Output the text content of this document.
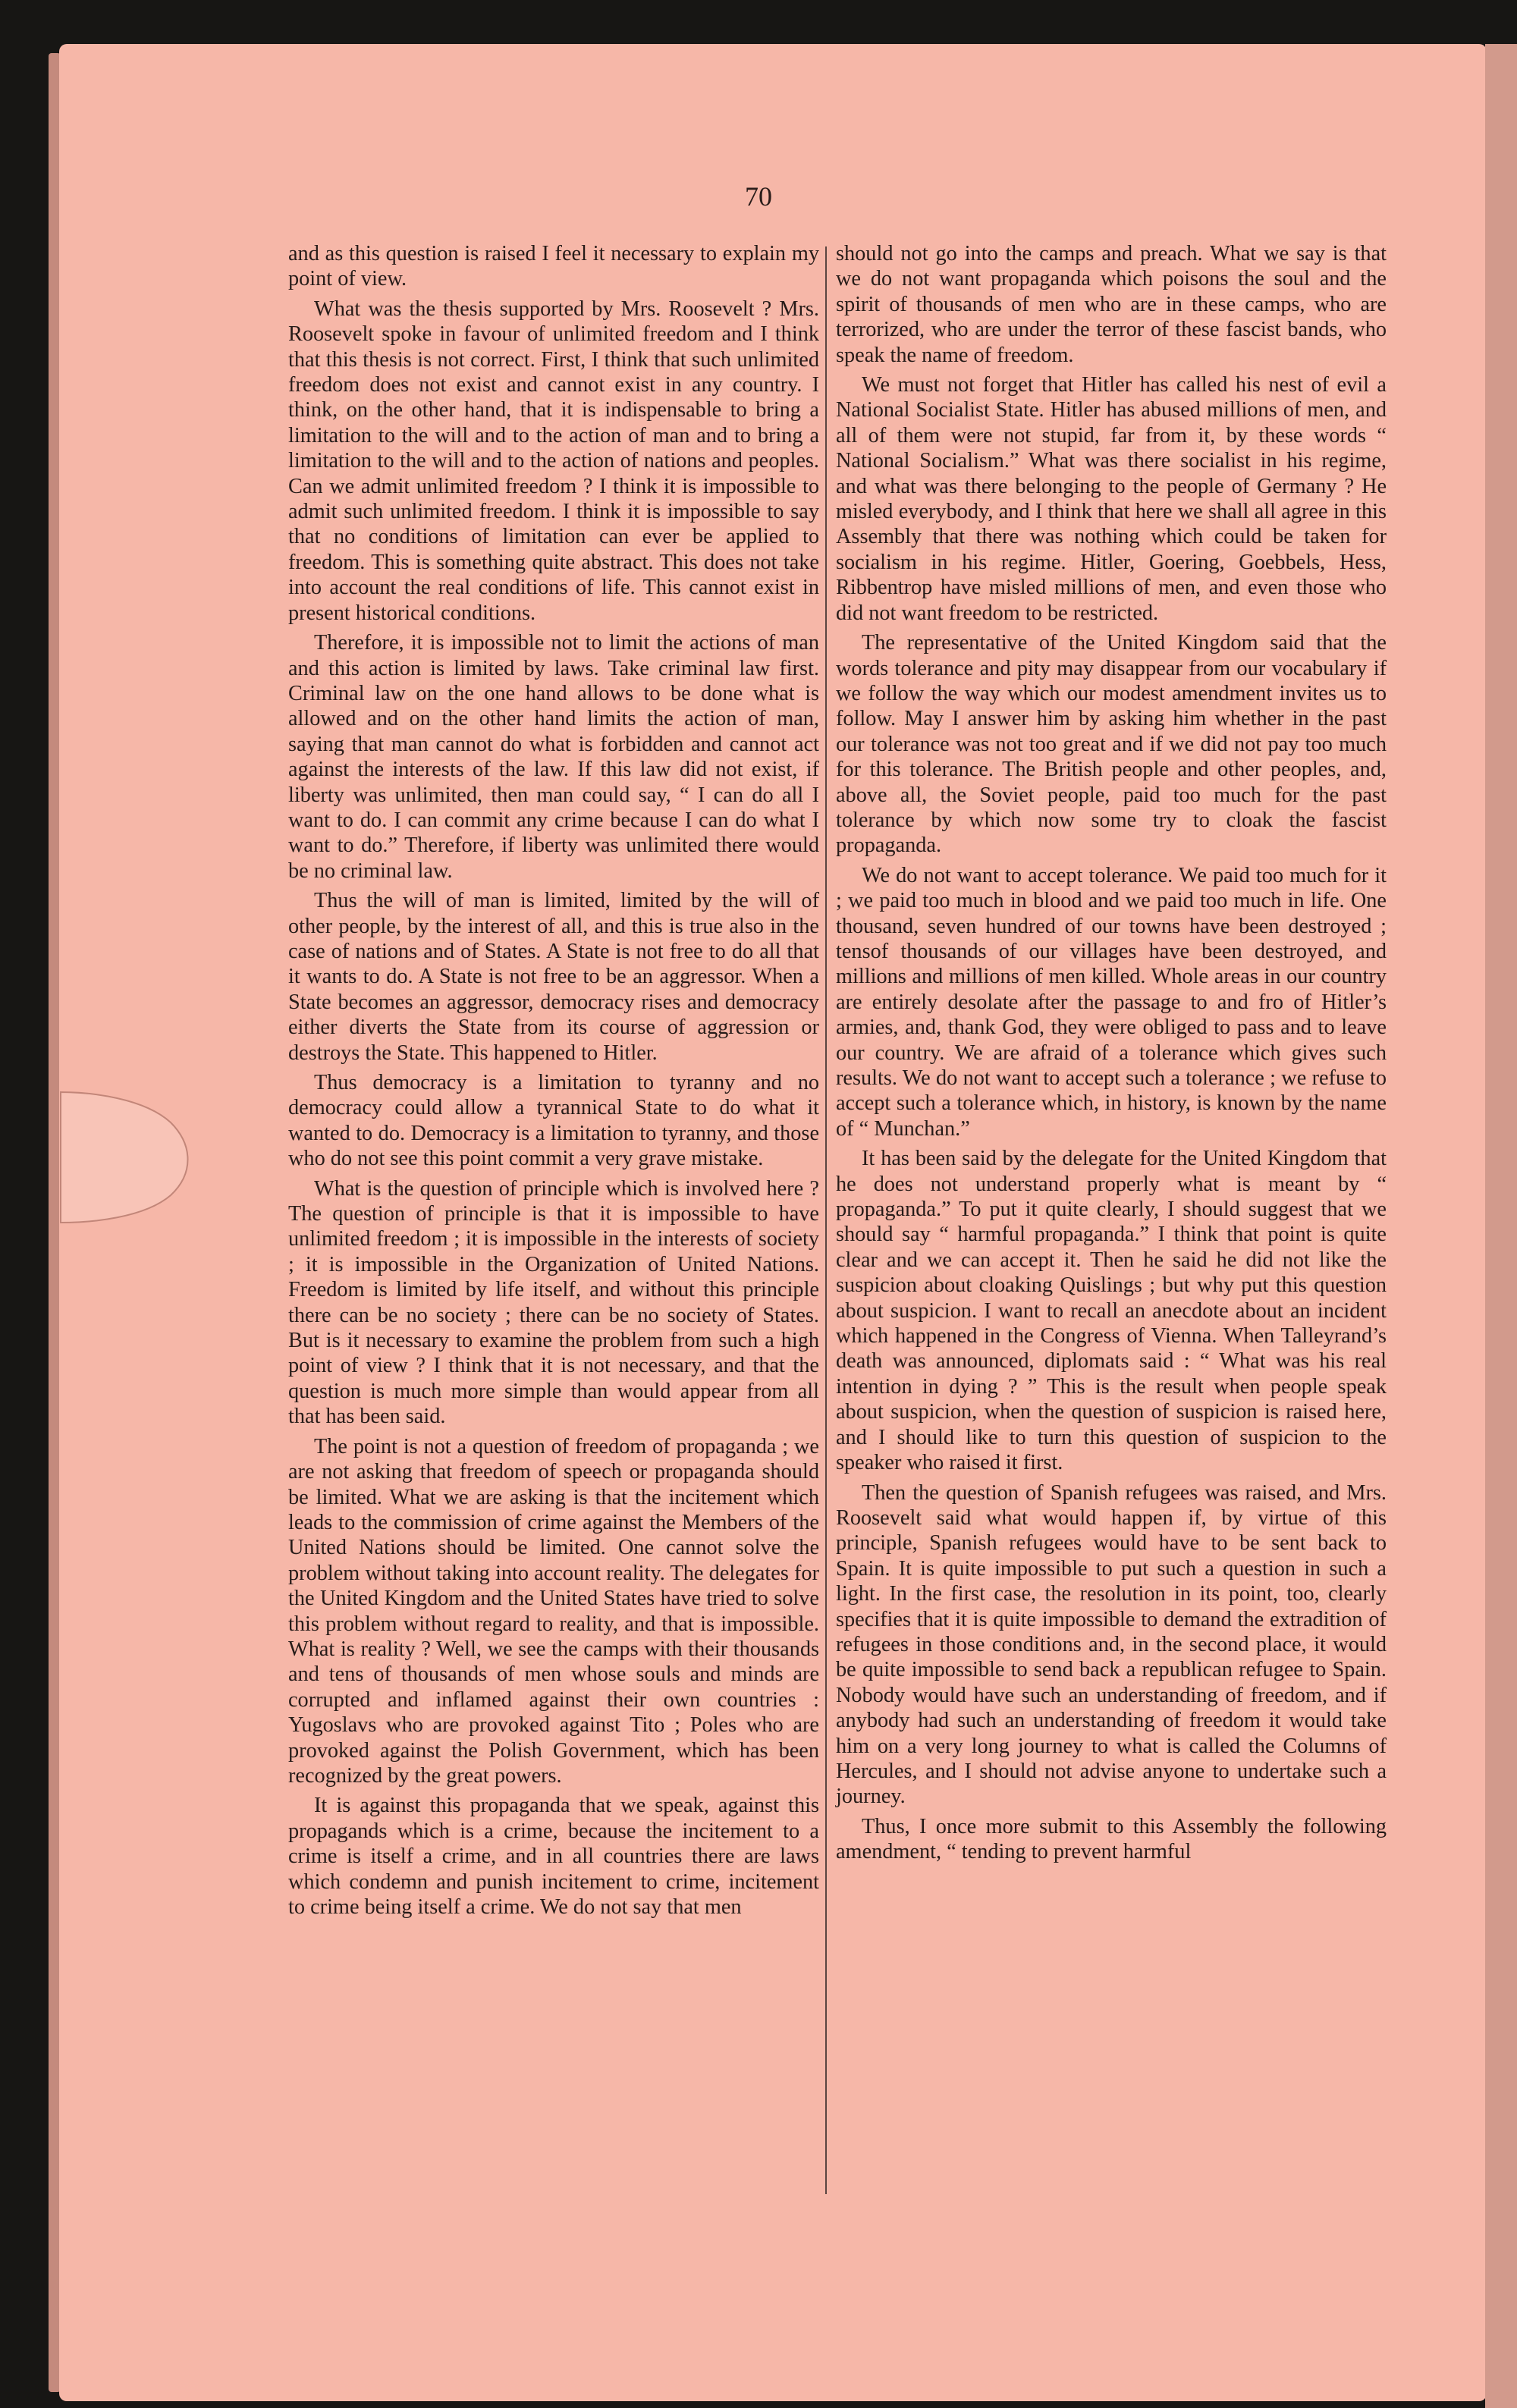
70

and as this question is raised I feel it necessary to explain my point of view.

What was the thesis supported by Mrs. Roosevelt ? Mrs. Roosevelt spoke in favour of unlimited freedom and I think that this thesis is not correct. First, I think that such unlimited freedom does not exist and cannot exist in any country. I think, on the other hand, that it is indispensable to bring a limitation to the will and to the action of man and to bring a limitation to the will and to the action of nations and peoples. Can we admit unlimited freedom ? I think it is impossible to admit such unlimited freedom. I think it is impossible to say that no conditions of limitation can ever be applied to freedom. This is something quite abstract. This does not take into account the real conditions of life. This cannot exist in present historical conditions.

Therefore, it is impossible not to limit the actions of man and this action is limited by laws. Take criminal law first. Criminal law on the one hand allows to be done what is allowed and on the other hand limits the action of man, saying that man cannot do what is forbidden and cannot act against the interests of the law. If this law did not exist, if liberty was unlimited, then man could say, “ I can do all I want to do. I can commit any crime because I can do what I want to do.” Therefore, if liberty was unlimited there would be no criminal law.

Thus the will of man is limited, limited by the will of other people, by the interest of all, and this is true also in the case of nations and of States. A State is not free to do all that it wants to do. A State is not free to be an aggressor. When a State becomes an aggressor, democracy rises and democracy either diverts the State from its course of aggression or destroys the State. This happened to Hitler.

Thus democracy is a limitation to tyranny and no democracy could allow a tyrannical State to do what it wanted to do. Democracy is a limitation to tyranny, and those who do not see this point commit a very grave mistake.

What is the question of principle which is involved here ? The question of principle is that it is impossible to have unlimited freedom ; it is impossible in the interests of society ; it is impossible in the Organization of United Nations. Freedom is limited by life itself, and without this principle there can be no society ; there can be no society of States. But is it necessary to examine the problem from such a high point of view ? I think that it is not necessary, and that the question is much more simple than would appear from all that has been said.

The point is not a question of freedom of propaganda ; we are not asking that freedom of speech or propaganda should be limited. What we are asking is that the incitement which leads to the commission of crime against the Members of the United Nations should be limited. One cannot solve the problem without taking into account reality. The delegates for the United Kingdom and the United States have tried to solve this problem without regard to reality, and that is impossible. What is reality ? Well, we see the camps with their thousands and tens of thousands of men whose souls and minds are corrupted and inflamed against their own countries : Yugoslavs who are provoked against Tito ; Poles who are provoked against the Polish Government, which has been recognized by the great powers.

It is against this propaganda that we speak, against this propagands which is a crime, because the incitement to a crime is itself a crime, and in all countries there are laws which condemn and punish incitement to crime, incitement to crime being itself a crime. We do not say that men

should not go into the camps and preach. What we say is that we do not want propaganda which poisons the soul and the spirit of thousands of men who are in these camps, who are terrorized, who are under the terror of these fascist bands, who speak the name of freedom.

We must not forget that Hitler has called his nest of evil a National Socialist State. Hitler has abused millions of men, and all of them were not stupid, far from it, by these words “ National Socialism.” What was there socialist in his regime, and what was there belonging to the people of Germany ? He misled everybody, and I think that here we shall all agree in this Assembly that there was nothing which could be taken for socialism in his regime. Hitler, Goering, Goebbels, Hess, Ribbentrop have misled millions of men, and even those who did not want freedom to be restricted.

The representative of the United Kingdom said that the words tolerance and pity may disappear from our vocabulary if we follow the way which our modest amendment invites us to follow. May I answer him by asking him whether in the past our tolerance was not too great and if we did not pay too much for this tolerance. The British people and other peoples, and, above all, the Soviet people, paid too much for the past tolerance by which now some try to cloak the fascist propaganda.

We do not want to accept tolerance. We paid too much for it ; we paid too much in blood and we paid too much in life. One thousand, seven hundred of our towns have been destroyed ; tensof thousands of our villages have been destroyed, and millions and millions of men killed. Whole areas in our country are entirely desolate after the passage to and fro of Hitler’s armies, and, thank God, they were obliged to pass and to leave our country. We are afraid of a tolerance which gives such results. We do not want to accept such a tolerance ; we refuse to accept such a tolerance which, in history, is known by the name of “ Munchan.”

It has been said by the delegate for the United Kingdom that he does not understand properly what is meant by “ propaganda.” To put it quite clearly, I should suggest that we should say “ harmful propaganda.” I think that point is quite clear and we can accept it. Then he said he did not like the suspicion about cloaking Quislings ; but why put this question about suspicion. I want to recall an anecdote about an incident which happened in the Congress of Vienna. When Talleyrand’s death was announced, diplomats said : “ What was his real intention in dying ? ” This is the result when people speak about suspicion, when the question of suspicion is raised here, and I should like to turn this question of suspicion to the speaker who raised it first.

Then the question of Spanish refugees was raised, and Mrs. Roosevelt said what would happen if, by virtue of this principle, Spanish refugees would have to be sent back to Spain. It is quite impossible to put such a question in such a light. In the first case, the resolution in its point, too, clearly specifies that it is quite impossible to demand the extradition of refugees in those conditions and, in the second place, it would be quite impossible to send back a republican refugee to Spain. Nobody would have such an understanding of freedom, and if anybody had such an understanding of freedom it would take him on a very long journey to what is called the Columns of Hercules, and I should not advise anyone to undertake such a journey.

Thus, I once more submit to this Assembly the following amendment, “ tending to prevent harmful
